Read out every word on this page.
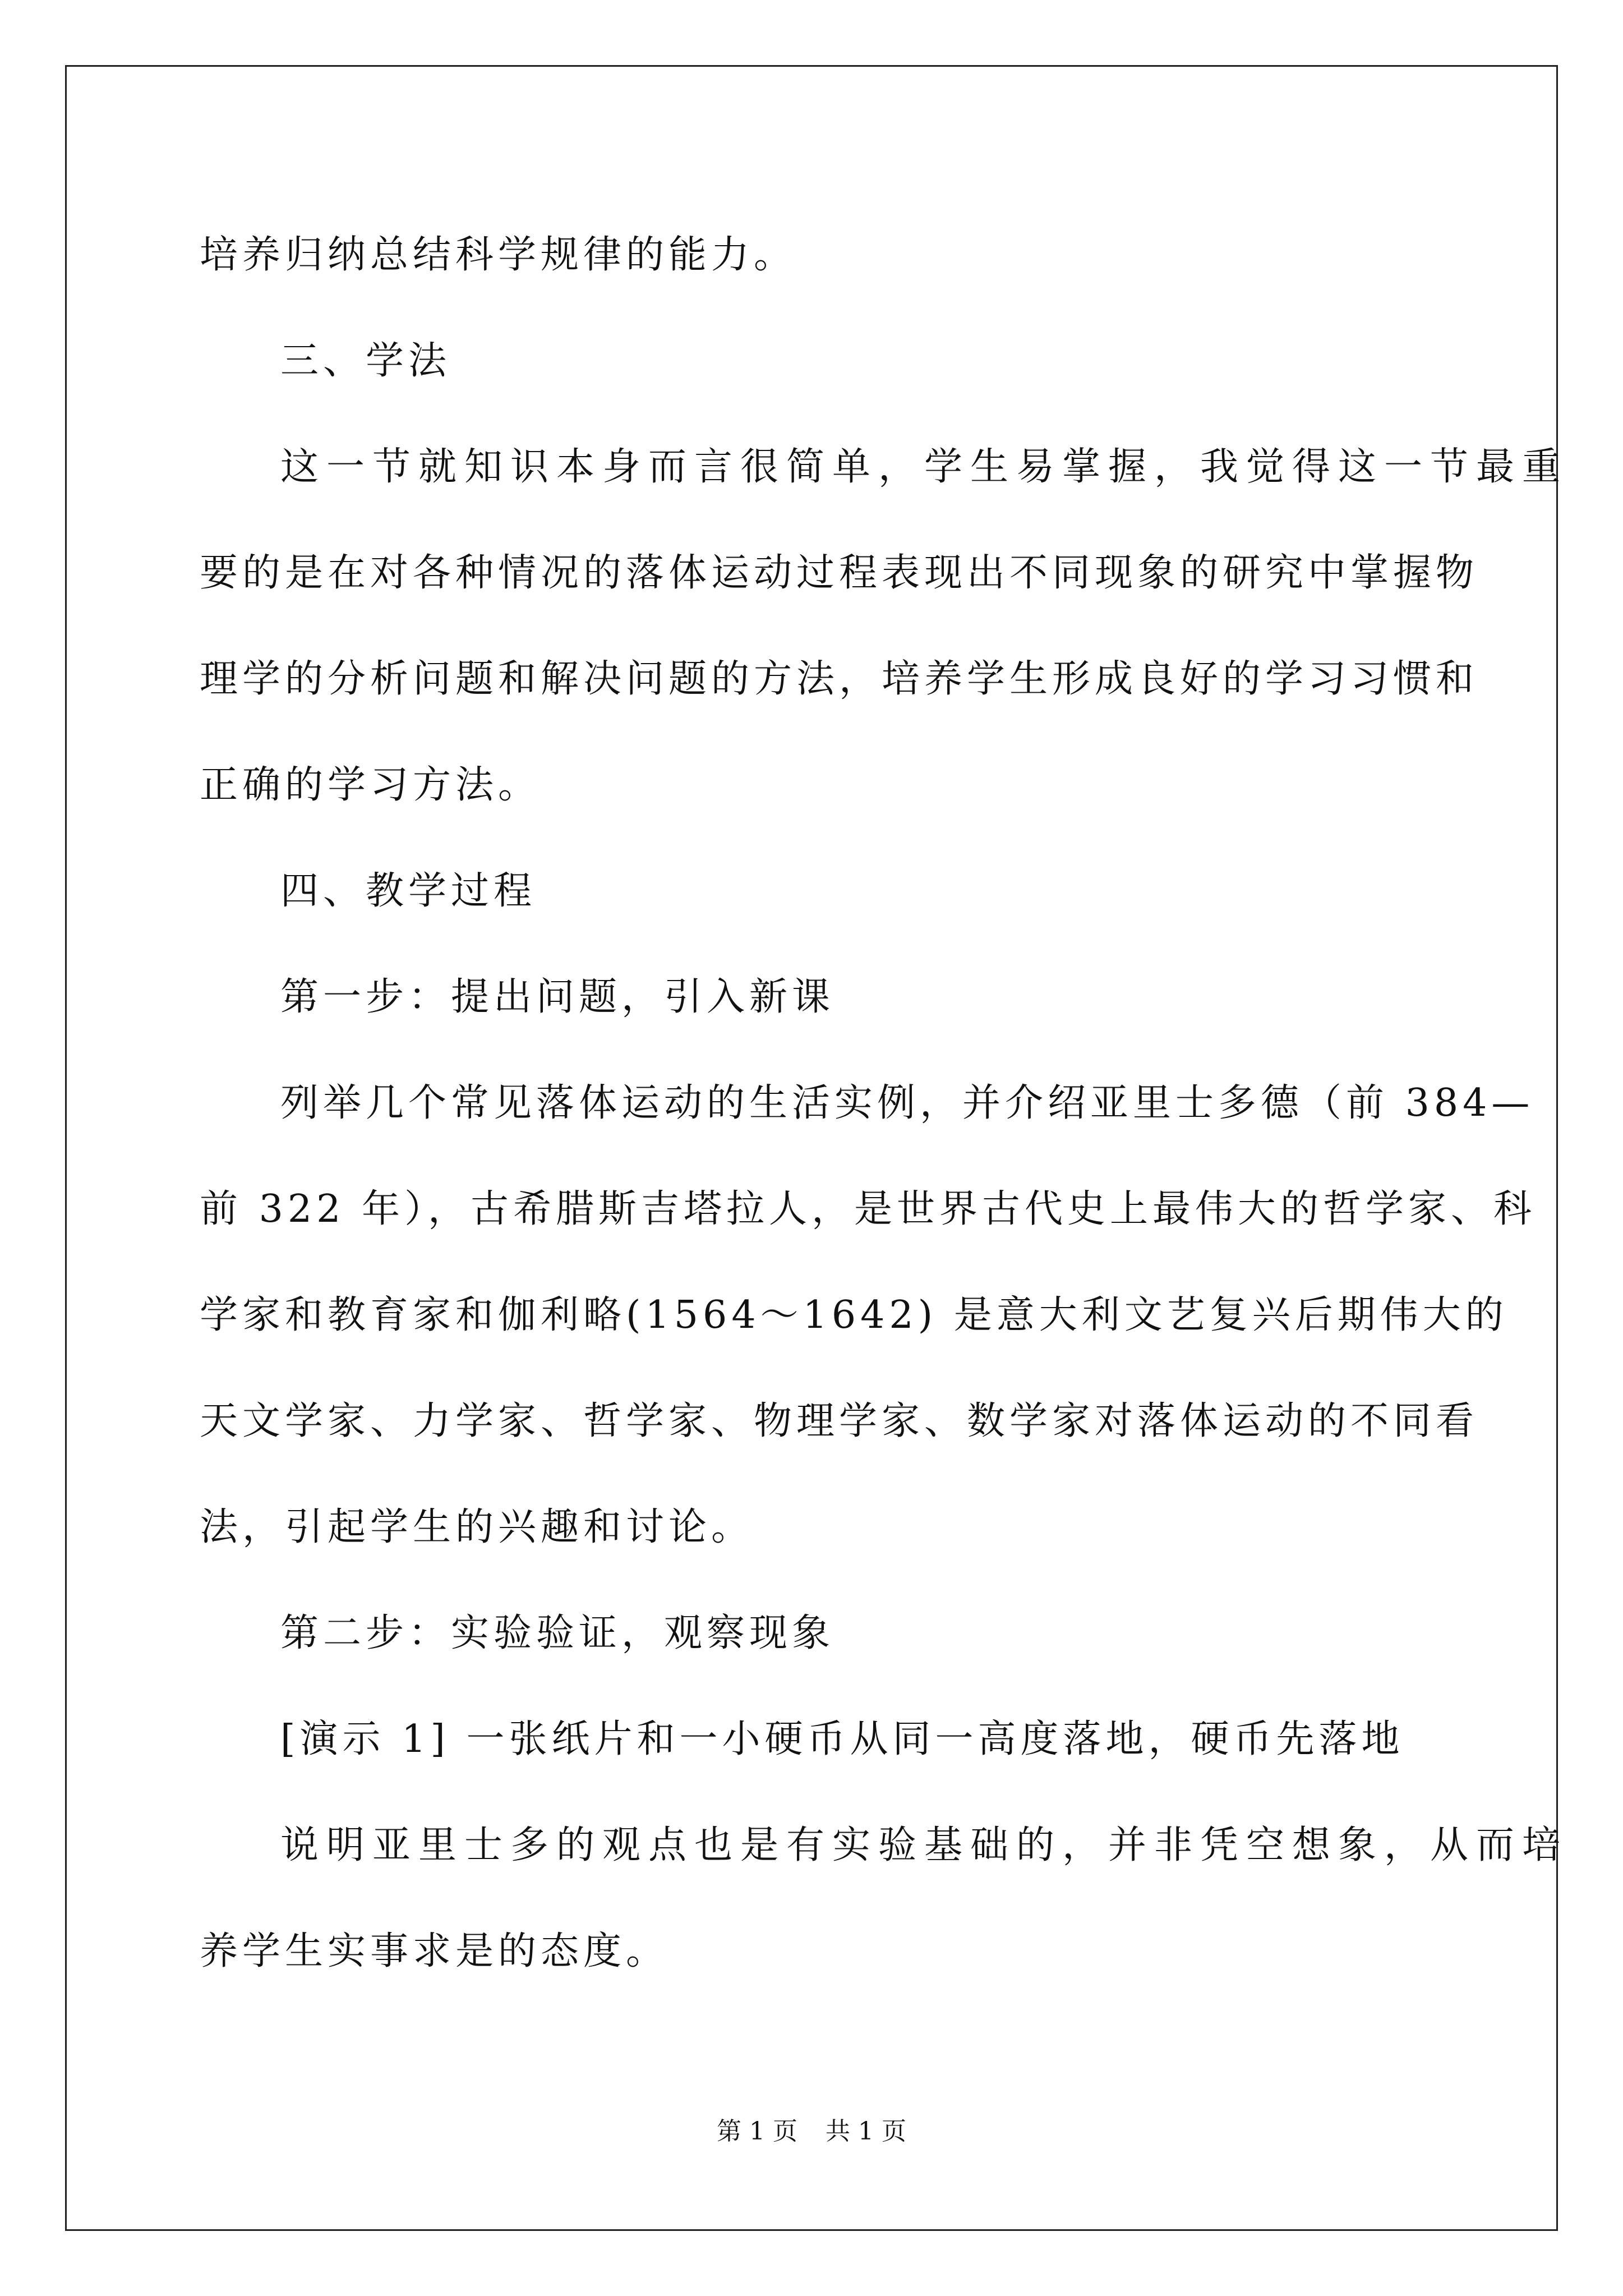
培养归纳总结科学规律的能力。
三、学法
这一节就知识本身而言很简单，学生易掌握，我觉得这一节最重
要的是在对各种情况的落体运动过程表现出不同现象的研究中掌握物
理学的分析问题和解决问题的方法，培养学生形成良好的学习习惯和
正确的学习方法。
四、教学过程
第一步：提出问题，引入新课
列举几个常见落体运动的生活实例，并介绍亚里士多德（前 384—
前 322 年），古希腊斯吉塔拉人，是世界古代史上最伟大的哲学家、科
学家和教育家和伽利略(1564～1642) 是意大利文艺复兴后期伟大的
天文学家、力学家、哲学家、物理学家、数学家对落体运动的不同看
法，引起学生的兴趣和讨论。
第二步：实验验证，观察现象
[演示 1] 一张纸片和一小硬币从同一高度落地，硬币先落地
说明亚里士多的观点也是有实验基础的，并非凭空想象，从而培
养学生实事求是的态度。
第 1 页 共 1 页
